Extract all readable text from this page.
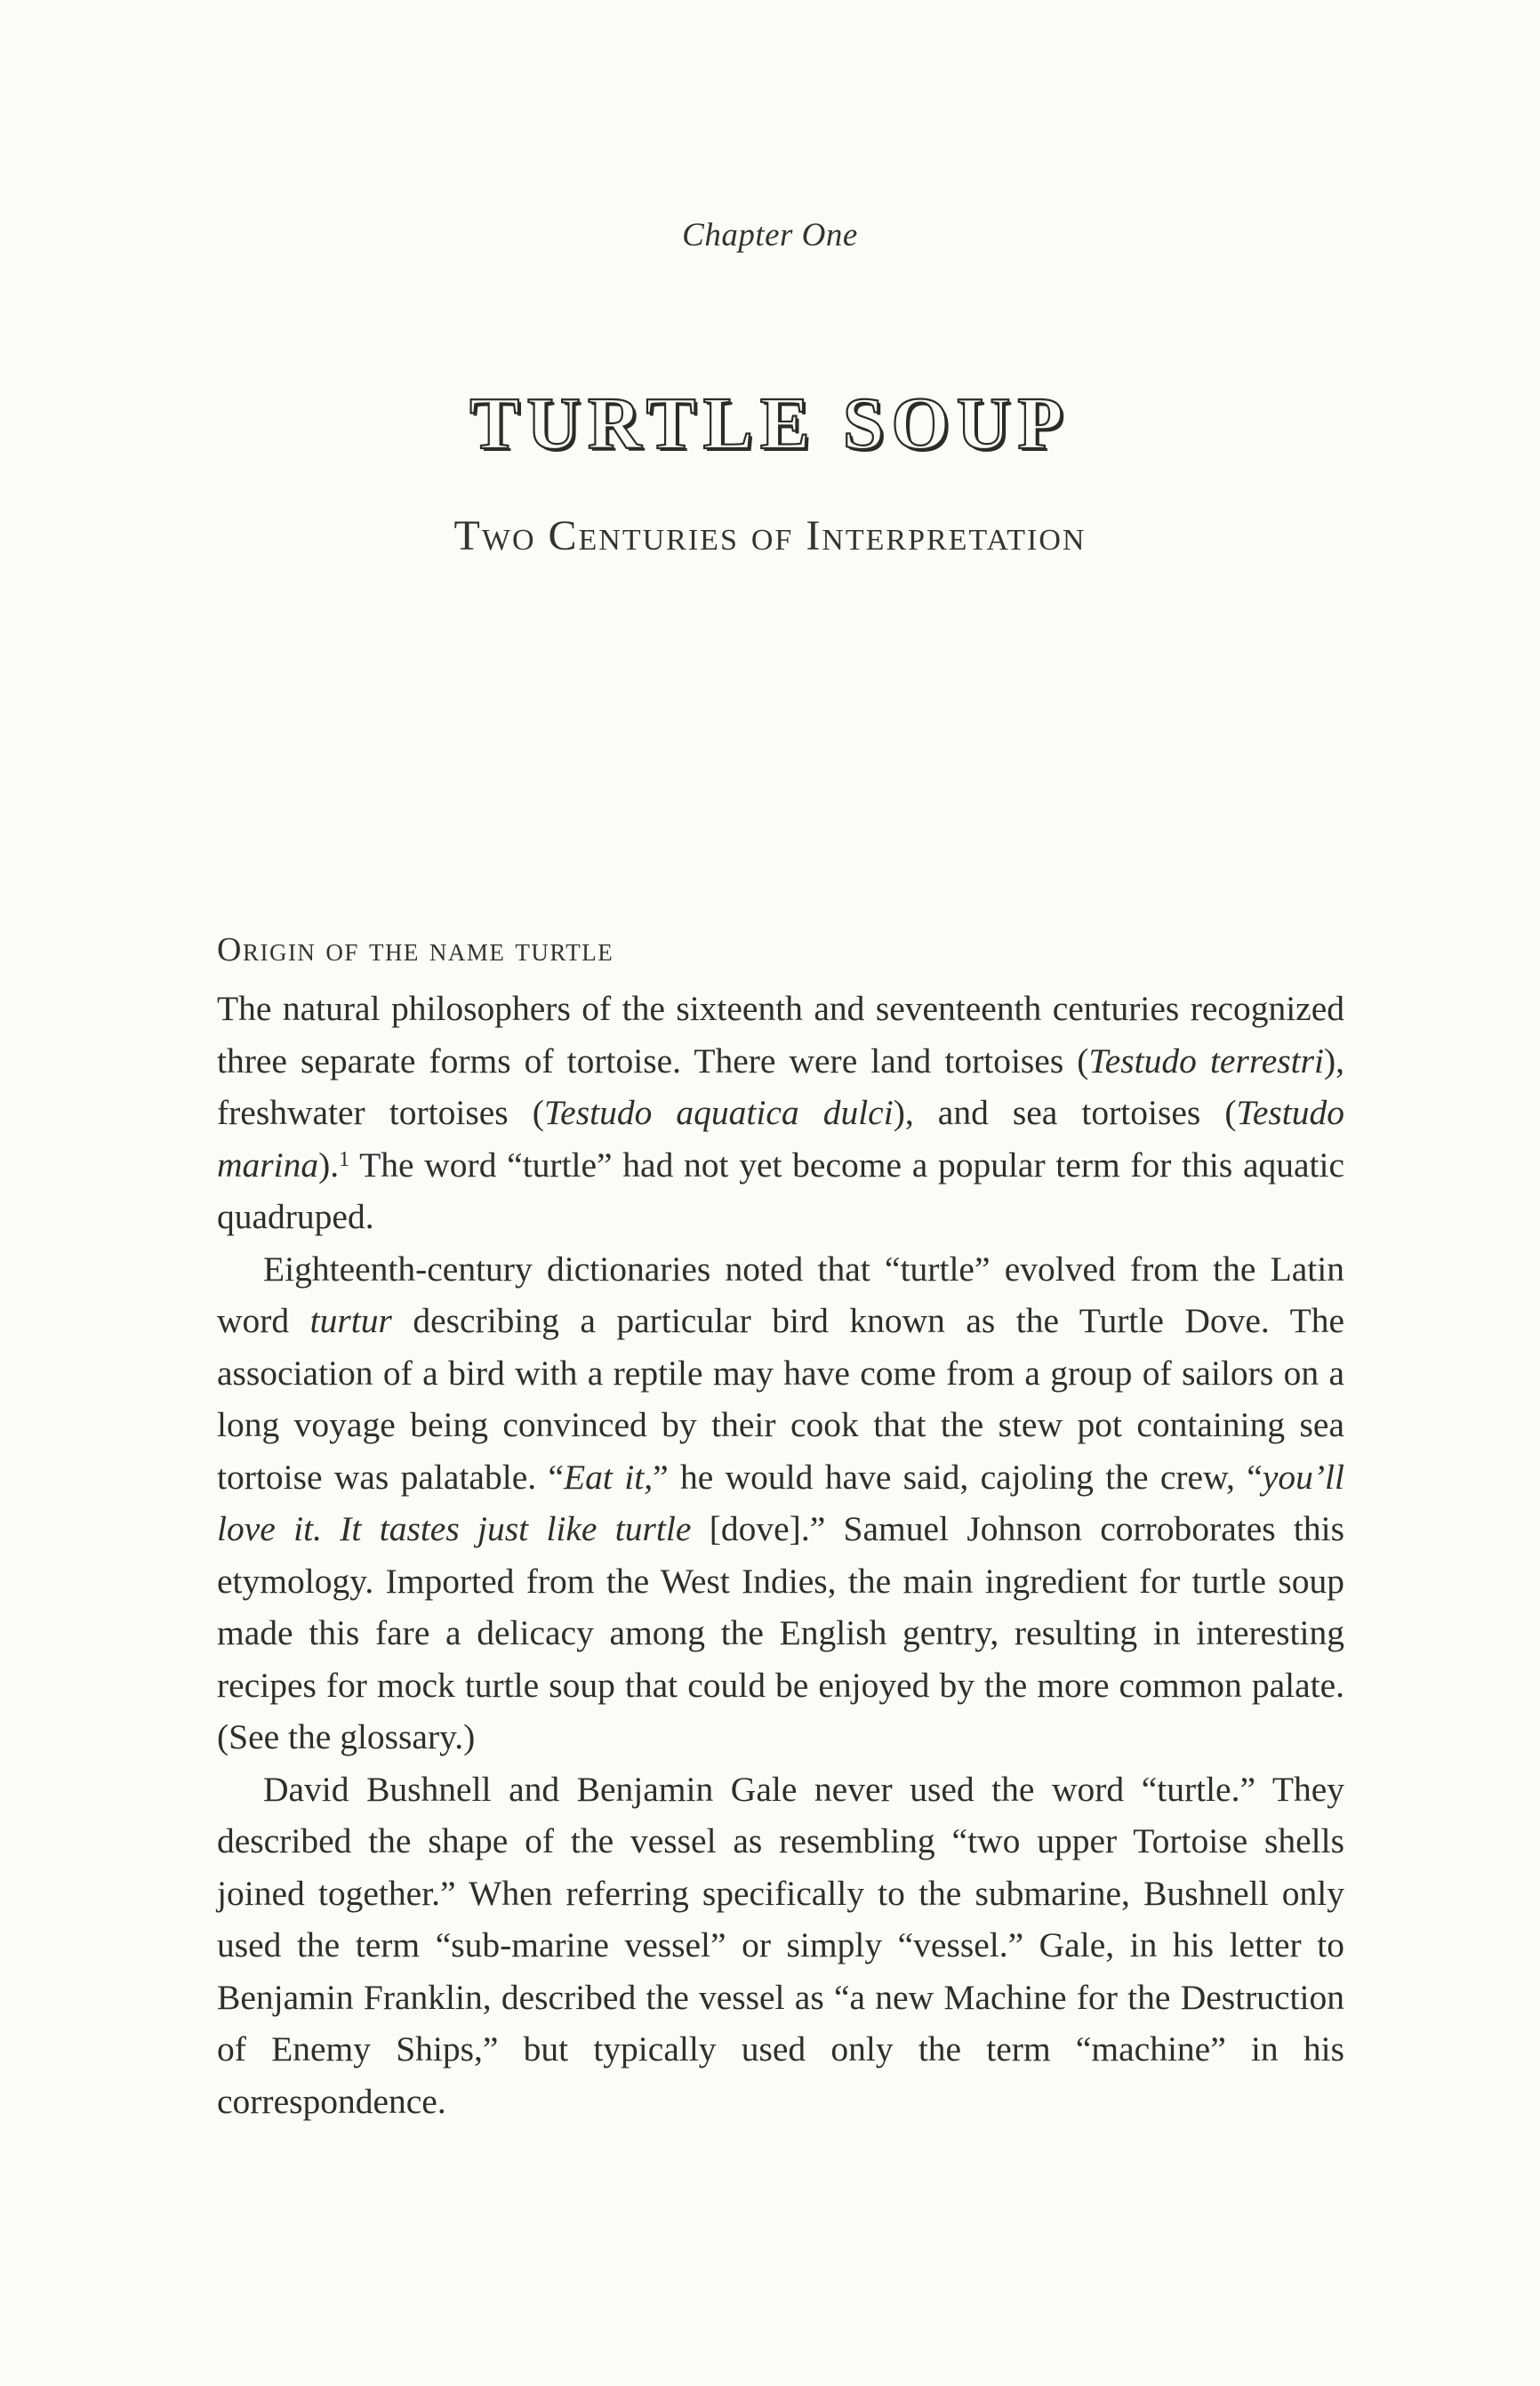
Chapter One
TURTLE SOUP
Two Centuries of Interpretation
Origin of the name turtle

The natural philosophers of the sixteenth and seventeenth centuries recognized three separate forms of tortoise. There were land tortoises (Testudo terrestri), freshwater tortoises (Testudo aquatica dulci), and sea tortoises (Testudo marina).$^1$ The word “turtle” had not yet become a popular term for this aquatic quadruped.

Eighteenth-century dictionaries noted that “turtle” evolved from the Latin word turtur describing a particular bird known as the Turtle Dove. The association of a bird with a reptile may have come from a group of sailors on a long voyage being convinced by their cook that the stew pot containing sea tortoise was palatable. “Eat it,” he would have said, cajoling the crew, “you’ll love it. It tastes just like turtle [dove].” Samuel Johnson corroborates this etymology. Imported from the West Indies, the main ingredient for turtle soup made this fare a delicacy among the English gentry, resulting in interesting recipes for mock turtle soup that could be enjoyed by the more common palate. (See the glossary.)

David Bushnell and Benjamin Gale never used the word “turtle.” They described the shape of the vessel as resembling “two upper Tortoise shells joined together.” When referring specifically to the submarine, Bushnell only used the term “sub-marine vessel” or simply “vessel.” Gale, in his letter to Benjamin Franklin, described the vessel as “a new Machine for the Destruction of Enemy Ships,” but typically used only the term “machine” in his correspondence.
